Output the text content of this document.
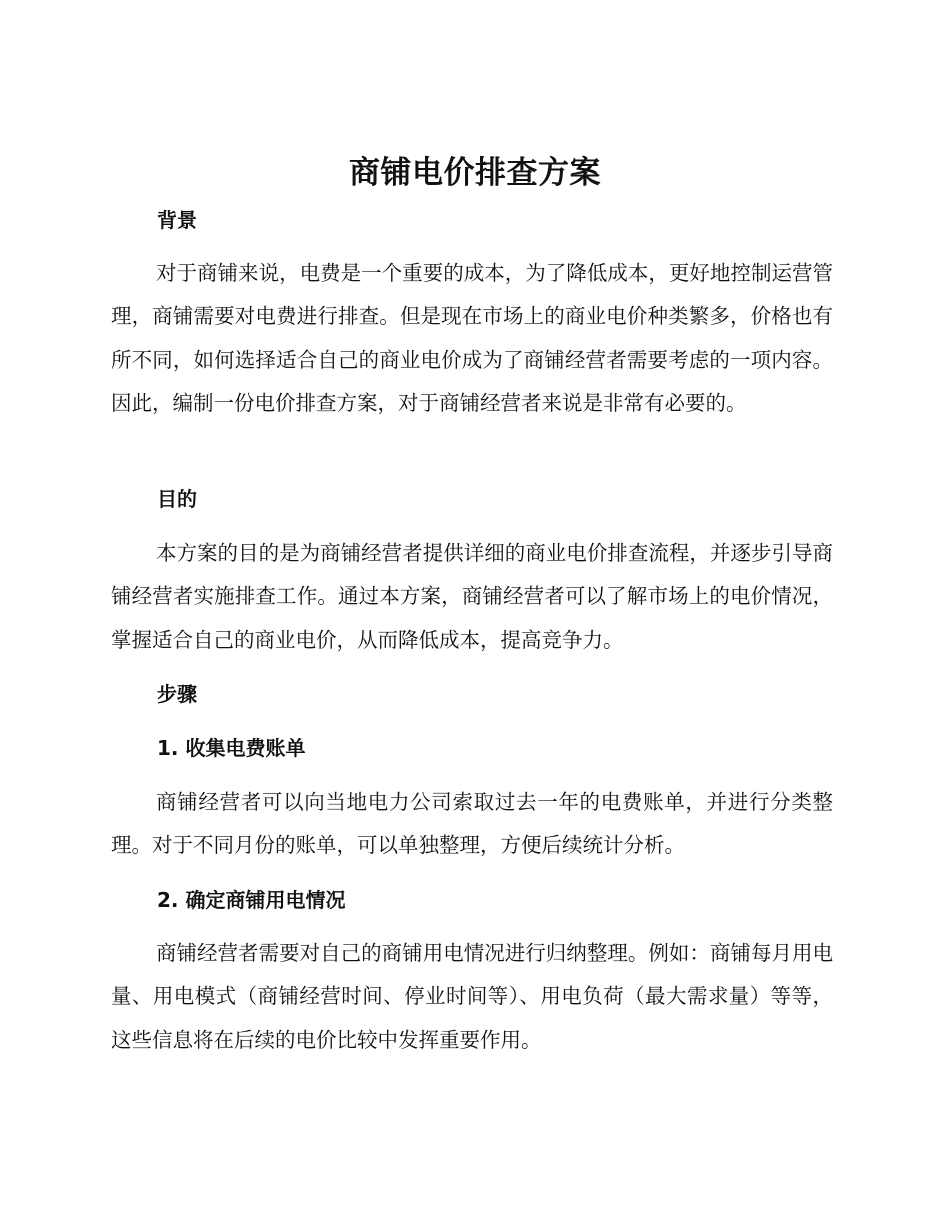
商铺电价排查方案
背景

对于商铺来说，电费是一个重要的成本，为了降低成本，更好地控制运营管理，商铺需要对电费进行排查。但是现在市场上的商业电价种类繁多，价格也有所不同，如何选择适合自己的商业电价成为了商铺经营者需要考虑的一项内容。因此，编制一份电价排查方案，对于商铺经营者来说是非常有必要的。

目的

本方案的目的是为商铺经营者提供详细的商业电价排查流程，并逐步引导商铺经营者实施排查工作。通过本方案，商铺经营者可以了解市场上的电价情况，掌握适合自己的商业电价，从而降低成本，提高竞争力。

步骤
1. 收集电费账单

商铺经营者可以向当地电力公司索取过去一年的电费账单，并进行分类整理。对于不同月份的账单，可以单独整理，方便后续统计分析。

2. 确定商铺用电情况

商铺经营者需要对自己的商铺用电情况进行归纳整理。例如：商铺每月用电量、用电模式（商铺经营时间、停业时间等）、用电负荷（最大需求量）等等，这些信息将在后续的电价比较中发挥重要作用。
